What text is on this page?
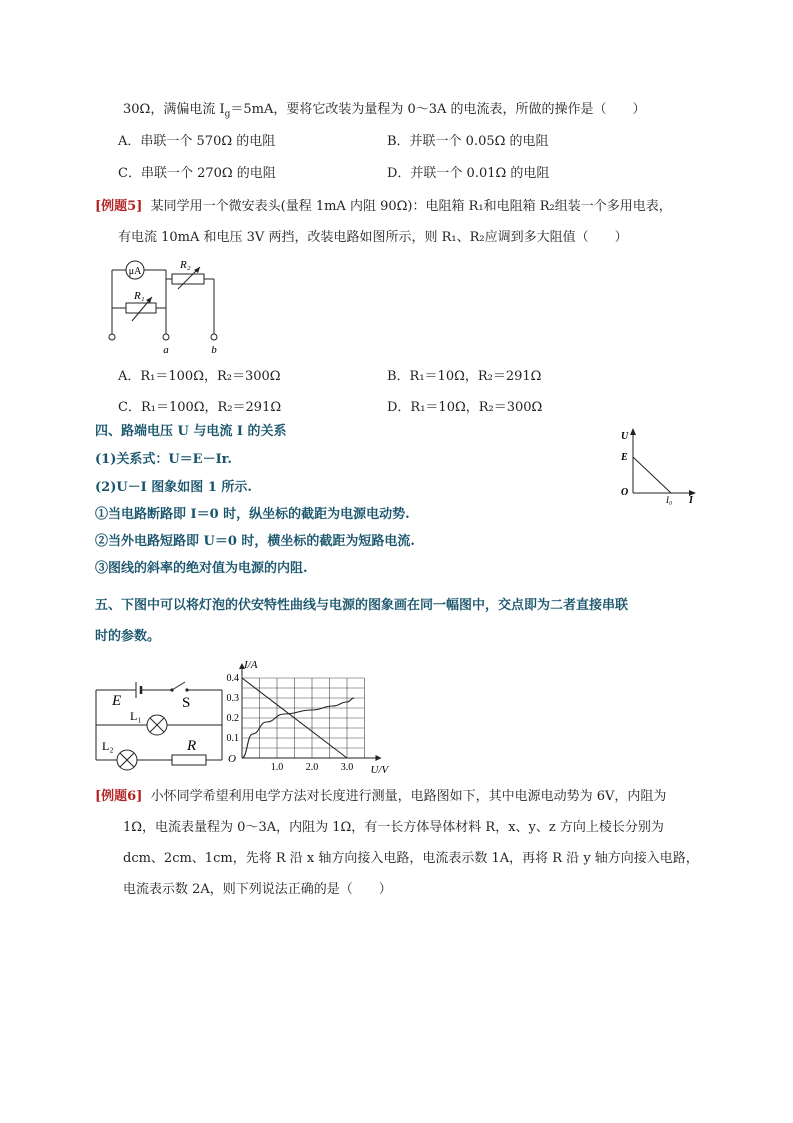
30Ω，满偏电流 $I_g=5mA$，要将它改装为量程为 0～3A 的电流表，所做的操作是（　　）
A．串联一个 570Ω 的电阻	B．并联一个 0.05Ω 的电阻
C．串联一个 270Ω 的电阻	D．并联一个 0.01Ω 的电阻
[例题5] 某同学用一个微安表头(量程 1mA 内阻 90Ω)：电阻箱 R₁和电阻箱 R₂组装一个多用电表，
有电流 10mA 和电压 3V 两挡，改装电路如图所示，则 R₁、R₂应调到多大阻值（　　）
μA
R₁
R₂
a	b
A．R₁＝100Ω，R₂＝300Ω	B．R₁＝10Ω，R₂＝291Ω
C．R₁＝100Ω，R₂＝291Ω	D．R₁＝10Ω，R₂＝300Ω
四、路端电压 U 与电流 I 的关系
(1)关系式：U＝E－Ir.
(2)U－I 图象如图 1 所示.
①当电路断路即 I＝0 时，纵坐标的截距为电源电动势.
②当外电路短路即 U＝0 时，横坐标的截距为短路电流.
③图线的斜率的绝对值为电源的内阻.
U
E
O
I₀ I
五、下图中可以将灯泡的伏安特性曲线与电源的图象画在同一幅图中，交点即为二者直接串联
时的参数。
E	S
L₁
L₂	R
I/A
U/V
O
1.0 2.0 3.0
0.1
0.2
0.3
0.4
[例题6] 小怀同学希望利用电学方法对长度进行测量，电路图如下，其中电源电动势为 6V，内阻为
1Ω，电流表量程为 0～3A，内阻为 1Ω，有一长方体导体材料 R，x、y、z 方向上棱长分别为
dcm、2cm、1cm，先将 R 沿 x 轴方向接入电路，电流表示数 1A，再将 R 沿 y 轴方向接入电路，
电流表示数 2A，则下列说法正确的是（　　）
